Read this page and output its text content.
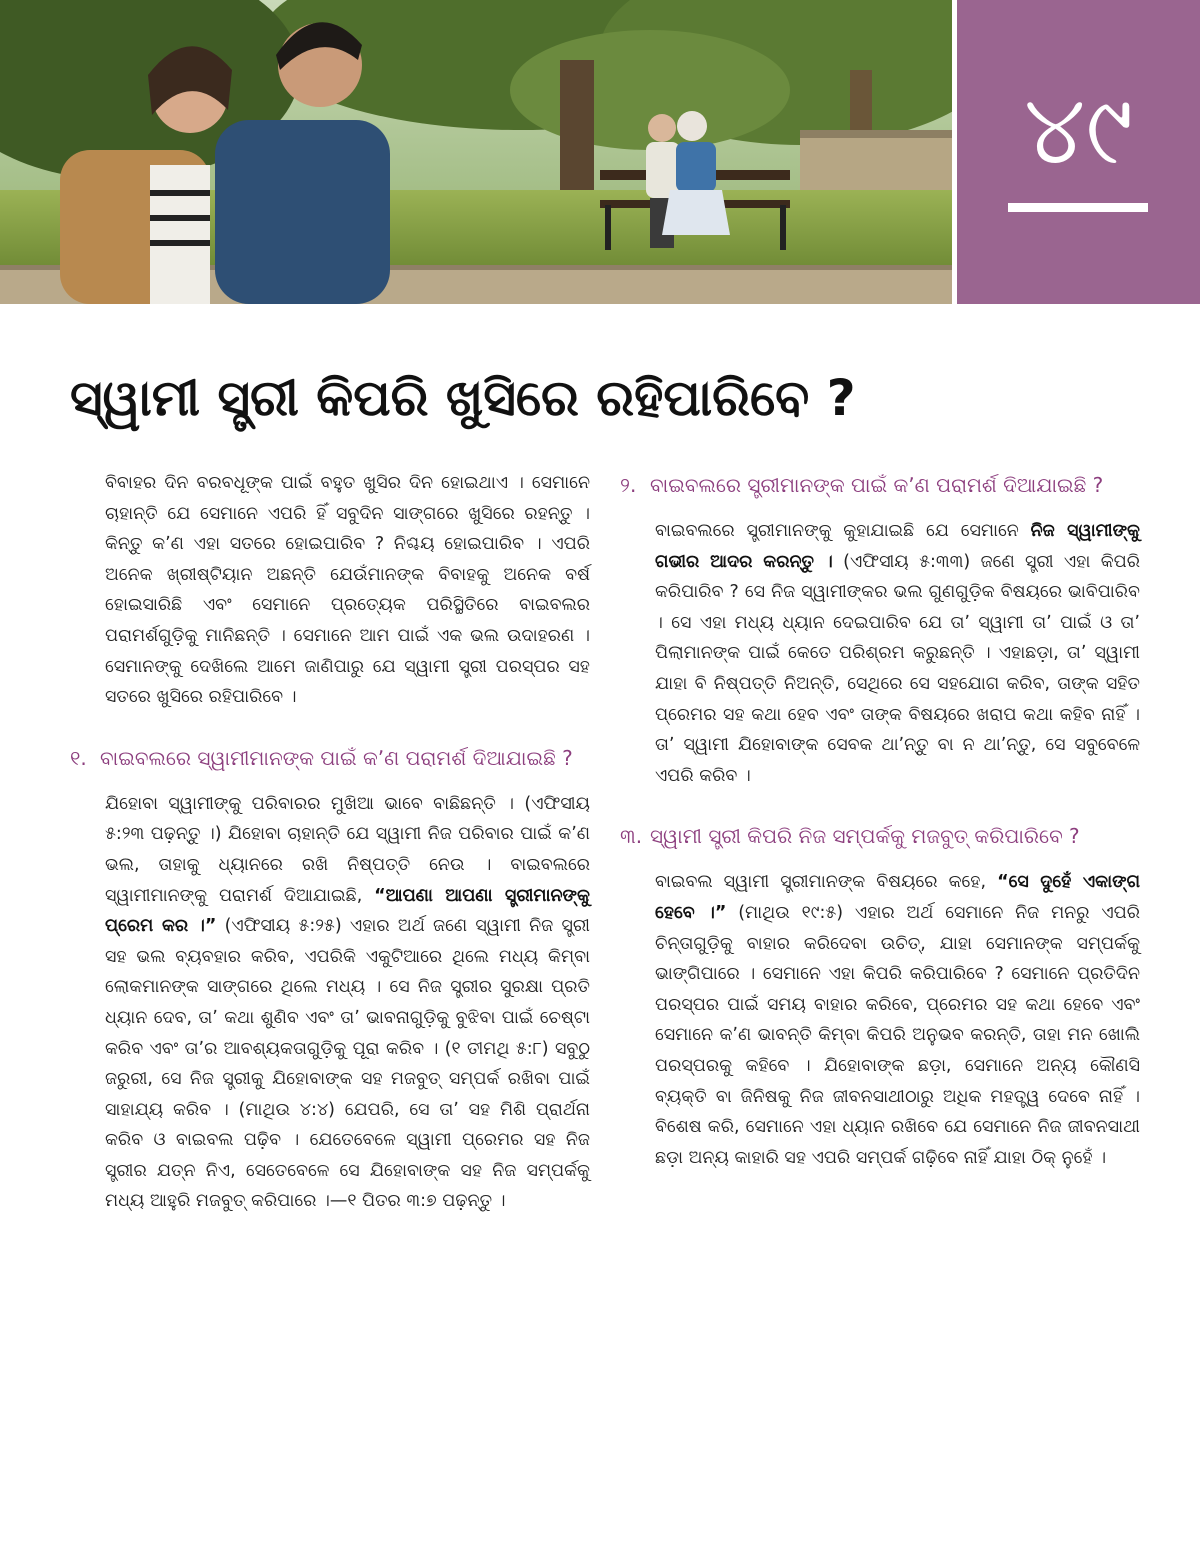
୪୯
ସ୍ୱାମୀ ସ୍ତ୍ରୀ କିପରି ଖୁସିରେ ରହିପାରିବେ ?

ବିବାହର ଦିନ ବରବଧୂଙ୍କ ପାଇଁ ବହୁତ ଖୁସିର ଦିନ ହୋଇଥାଏ । ସେମାନେ ଚାହାନ୍ତି ଯେ ସେମାନେ ଏପରି ହିଁ ସବୁଦିନ ସାଙ୍ଗରେ ଖୁସିରେ ରହନ୍ତୁ । କିନ୍ତୁ କʼଣ ଏହା ସତରେ ହୋଇପାରିବ ? ନିଶ୍ଚୟ ହୋଇପାରିବ । ଏପରି ଅନେକ ଖ୍ରୀଷ୍ଟିୟାନ ଅଛନ୍ତି ଯେଉଁମାନଙ୍କ ବିବାହକୁ ଅନେକ ବର୍ଷ ହୋଇସାରିଛି ଏବଂ ସେମାନେ ପ୍ରତ୍ୟେକ ପରିସ୍ଥିତିରେ ବାଇବଲର ପରାମର୍ଶଗୁଡ଼ିକୁ ମାନିଛନ୍ତି । ସେମାନେ ଆମ ପାଇଁ ଏକ ଭଲ ଉଦାହରଣ । ସେମାନଙ୍କୁ ଦେଖିଲେ ଆମେ ଜାଣିପାରୁ ଯେ ସ୍ୱାମୀ ସ୍ତ୍ରୀ ପରସ୍ପର ସହ ସତରେ ଖୁସିରେ ରହିପାରିବେ ।

୧. ବାଇବଲରେ ସ୍ୱାମୀମାନଙ୍କ ପାଇଁ କʼଣ ପରାମର୍ଶ ଦିଆଯାଇଛି ?

ଯିହୋବା ସ୍ୱାମୀଙ୍କୁ ପରିବାରର ମୁଖିଆ ଭାବେ ବାଛିଛନ୍ତି । (ଏଫିସୀୟ ୫:୨୩ ପଢ଼ନ୍ତୁ ।) ଯିହୋବା ଚାହାନ୍ତି ଯେ ସ୍ୱାମୀ ନିଜ ପରିବାର ପାଇଁ କʼଣ ଭଲ, ତାହାକୁ ଧ୍ୟାନରେ ରଖି ନିଷ୍ପତ୍ତି ନେଉ । ବାଇବଲରେ ସ୍ୱାମୀମାନଙ୍କୁ ପରାମର୍ଶ ଦିଆଯାଇଛି, “ଆପଣା ଆପଣା ସ୍ତ୍ରୀମାନଙ୍କୁ ପ୍ରେମ କର ।” (ଏଫିସୀୟ ୫:୨୫) ଏହାର ଅର୍ଥ ଜଣେ ସ୍ୱାମୀ ନିଜ ସ୍ତ୍ରୀ ସହ ଭଲ ବ୍ୟବହାର କରିବ, ଏପରିକି ଏକୁଟିଆରେ ଥିଲେ ମଧ୍ୟ କିମ୍ବା ଲୋକମାନଙ୍କ ସାଙ୍ଗରେ ଥିଲେ ମଧ୍ୟ । ସେ ନିଜ ସ୍ତ୍ରୀର ସୁରକ୍ଷା ପ୍ରତି ଧ୍ୟାନ ଦେବ, ତାʼ କଥା ଶୁଣିବ ଏବଂ ତାʼ ଭାବନାଗୁଡ଼ିକୁ ବୁଝିବା ପାଇଁ ଚେଷ୍ଟା କରିବ ଏବଂ ତାʼର ଆବଶ୍ୟକତାଗୁଡ଼ିକୁ ପୂରା କରିବ । (୧ ତୀମଥି ୫:୮) ସବୁଠୁ ଜରୁରୀ, ସେ ନିଜ ସ୍ତ୍ରୀକୁ ଯିହୋବାଙ୍କ ସହ ମଜବୁତ୍ ସମ୍ପର୍କ ରଖିବା ପାଇଁ ସାହାଯ୍ୟ କରିବ । (ମାଥିଉ ୪:୪) ଯେପରି, ସେ ତାʼ ସହ ମିଶି ପ୍ରାର୍ଥନା କରିବ ଓ ବାଇବଲ ପଢ଼ିବ । ଯେତେବେଳେ ସ୍ୱାମୀ ପ୍ରେମର ସହ ନିଜ ସ୍ତ୍ରୀର ଯତ୍ନ ନିଏ, ସେତେବେଳେ ସେ ଯିହୋବାଙ୍କ ସହ ନିଜ ସମ୍ପର୍କକୁ ମଧ୍ୟ ଆହୁରି ମଜବୁତ୍ କରିପାରେ ।—୧ ପିତର ୩:୭ ପଢ଼ନ୍ତୁ ।

୨. ବାଇବଲରେ ସ୍ତ୍ରୀମାନଙ୍କ ପାଇଁ କʼଣ ପରାମର୍ଶ ଦିଆଯାଇଛି ?

ବାଇବଲରେ ସ୍ତ୍ରୀମାନଙ୍କୁ କୁହାଯାଇଛି ଯେ ସେମାନେ ନିଜ ସ୍ୱାମୀଙ୍କୁ ଗଭୀର ଆଦର କରନ୍ତୁ । (ଏଫିସୀୟ ୫:୩୩) ଜଣେ ସ୍ତ୍ରୀ ଏହା କିପରି କରିପାରିବ ? ସେ ନିଜ ସ୍ୱାମୀଙ୍କର ଭଲ ଗୁଣଗୁଡ଼ିକ ବିଷୟରେ ଭାବିପାରିବ । ସେ ଏହା ମଧ୍ୟ ଧ୍ୟାନ ଦେଇପାରିବ ଯେ ତାʼ ସ୍ୱାମୀ ତାʼ ପାଇଁ ଓ ତାʼ ପିଲାମାନଙ୍କ ପାଇଁ କେତେ ପରିଶ୍ରମ କରୁଛନ୍ତି । ଏହାଛଡ଼ା, ତାʼ ସ୍ୱାମୀ ଯାହା ବି ନିଷ୍ପତ୍ତି ନିଅନ୍ତି, ସେଥିରେ ସେ ସହଯୋଗ କରିବ, ତାଙ୍କ ସହିତ ପ୍ରେମର ସହ କଥା ହେବ ଏବଂ ତାଙ୍କ ବିଷୟରେ ଖରାପ କଥା କହିବ ନାହିଁ । ତାʼ ସ୍ୱାମୀ ଯିହୋବାଙ୍କ ସେବକ ଥାʼନ୍ତୁ ବା ନ ଥାʼନ୍ତୁ, ସେ ସବୁବେଳେ ଏପରି କରିବ ।

୩. ସ୍ୱାମୀ ସ୍ତ୍ରୀ କିପରି ନିଜ ସମ୍ପର୍କକୁ ମଜବୁତ୍ କରିପାରିବେ ?

ବାଇବଲ ସ୍ୱାମୀ ସ୍ତ୍ରୀମାନଙ୍କ ବିଷୟରେ କହେ, “ସେ ଦୁହେଁ ଏକାଙ୍ଗ ହେବେ ।” (ମାଥିଉ ୧୯:୫) ଏହାର ଅର୍ଥ ସେମାନେ ନିଜ ମନରୁ ଏପରି ଚିନ୍ତାଗୁଡ଼ିକୁ ବାହାର କରିଦେବା ଉଚିତ୍, ଯାହା ସେମାନଙ୍କ ସମ୍ପର୍କକୁ ଭାଙ୍ଗିପାରେ । ସେମାନେ ଏହା କିପରି କରିପାରିବେ ? ସେମାନେ ପ୍ରତିଦିନ ପରସ୍ପର ପାଇଁ ସମୟ ବାହାର କରିବେ, ପ୍ରେମର ସହ କଥା ହେବେ ଏବଂ ସେମାନେ କʼଣ ଭାବନ୍ତି କିମ୍ବା କିପରି ଅନୁଭବ କରନ୍ତି, ତାହା ମନ ଖୋଲି ପରସ୍ପରକୁ କହିବେ । ଯିହୋବାଙ୍କ ଛଡ଼ା, ସେମାନେ ଅନ୍ୟ କୌଣସି ବ୍ୟକ୍ତି ବା ଜିନିଷକୁ ନିଜ ଜୀବନସାଥୀଠାରୁ ଅଧିକ ମହତ୍ତ୍ୱ ଦେବେ ନାହିଁ । ବିଶେଷ କରି, ସେମାନେ ଏହା ଧ୍ୟାନ ରଖିବେ ଯେ ସେମାନେ ନିଜ ଜୀବନସାଥୀ ଛଡ଼ା ଅନ୍ୟ କାହାରି ସହ ଏପରି ସମ୍ପର୍କ ଗଢ଼ିବେ ନାହିଁ ଯାହା ଠିକ୍ ନୁହେଁ ।
